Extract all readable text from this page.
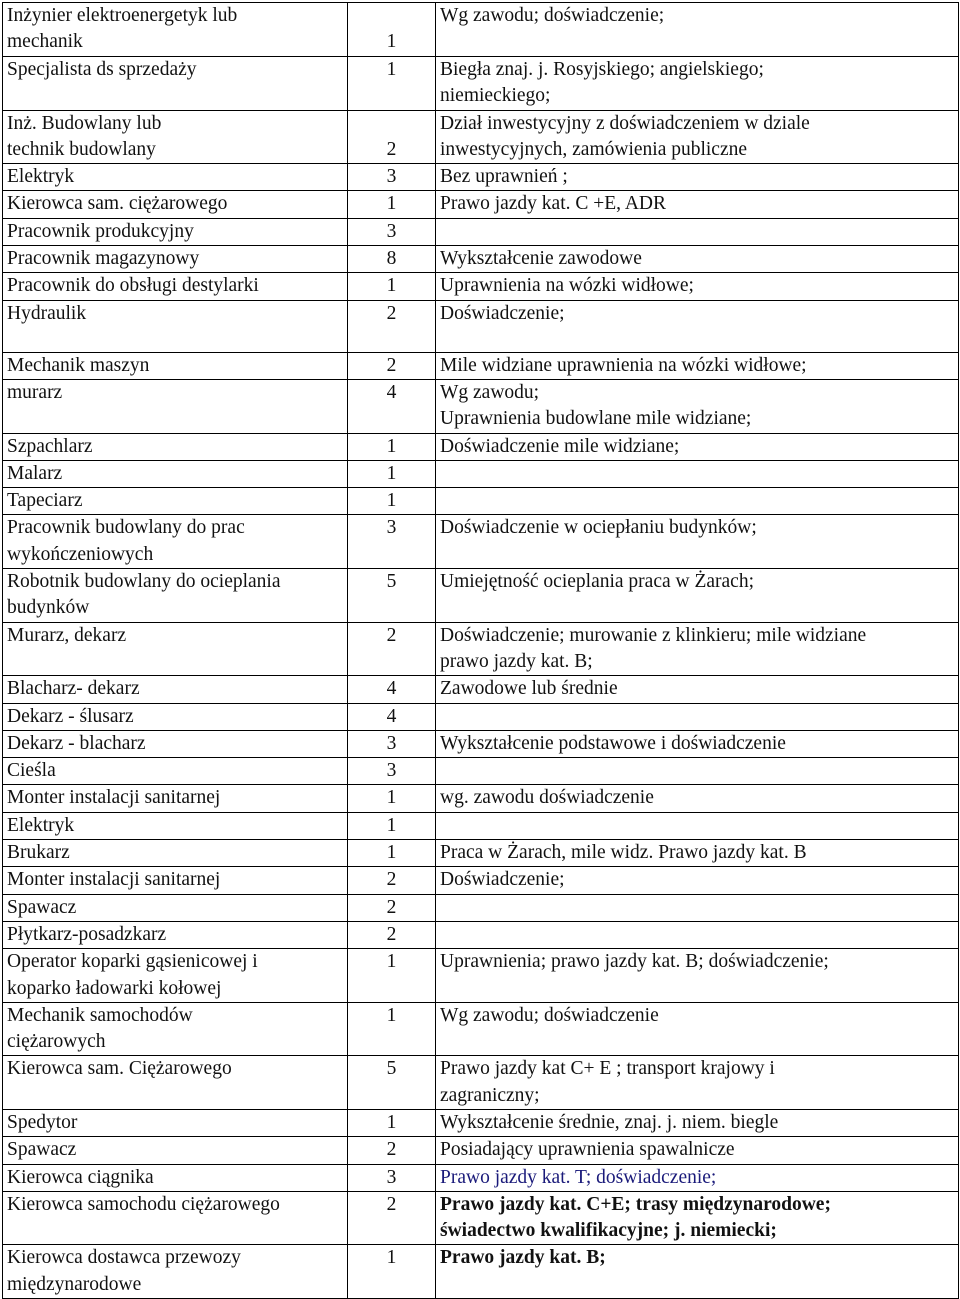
Inżynier elektroenergetyk lub
mechanik	
1	Wg zawodu; doświadczenie;
Specjalista ds sprzedaży	1	Biegła znaj. j. Rosyjskiego; angielskiego;
niemieckiego;
Inż. Budowlany lub
technik budowlany	
2	Dział inwestycyjny z doświadczeniem w dziale
inwestycyjnych, zamówienia publiczne
Elektryk	3	Bez uprawnień ;
Kierowca sam. ciężarowego	1	Prawo jazdy kat. C +E, ADR
Pracownik produkcyjny	3	
Pracownik magazynowy	8	Wykształcenie zawodowe
Pracownik do obsługi destylarki	1	Uprawnienia na wózki widłowe;
Hydraulik	2	Doświadczenie;
Mechanik maszyn	2	Mile widziane uprawnienia na wózki widłowe;
murarz	4	Wg zawodu;
Uprawnienia budowlane mile widziane;
Szpachlarz	1	Doświadczenie mile widziane;
Malarz	1	
Tapeciarz	1	
Pracownik budowlany do prac
wykończeniowych	3	Doświadczenie w ociepłaniu budynków;
Robotnik budowlany do ocieplania
budynków	5	Umiejętność ocieplania praca w Żarach;
Murarz, dekarz	2	Doświadczenie; murowanie z klinkieru; mile widziane
prawo jazdy kat. B;
Blacharz- dekarz	4	Zawodowe lub średnie
Dekarz - ślusarz	4	
Dekarz - blacharz	3	Wykształcenie podstawowe i doświadczenie
Cieśla	3	
Monter instalacji sanitarnej	1	wg. zawodu doświadczenie
Elektryk	1	
Brukarz	1	Praca w Żarach, mile widz. Prawo jazdy kat. B
Monter instalacji sanitarnej	2	Doświadczenie;
Spawacz	2	
Płytkarz-posadzkarz	2	
Operator koparki gąsienicowej i
koparko ładowarki kołowej	1	Uprawnienia; prawo jazdy kat. B; doświadczenie;
Mechanik samochodów
ciężarowych	1	Wg zawodu; doświadczenie
Kierowca sam. Ciężarowego	5	Prawo jazdy kat C+ E ; transport krajowy i
zagraniczny;
Spedytor	1	Wykształcenie średnie, znaj. j. niem. biegle
Spawacz	2	Posiadający uprawnienia spawalnicze
Kierowca ciągnika	3	Prawo jazdy kat. T; doświadczenie;
Kierowca samochodu ciężarowego	2	Prawo jazdy kat. C+E; trasy międzynarodowe;
świadectwo kwalifikacyjne; j. niemiecki;
Kierowca dostawca przewozy
międzynarodowe	1	Prawo jazdy kat. B;
